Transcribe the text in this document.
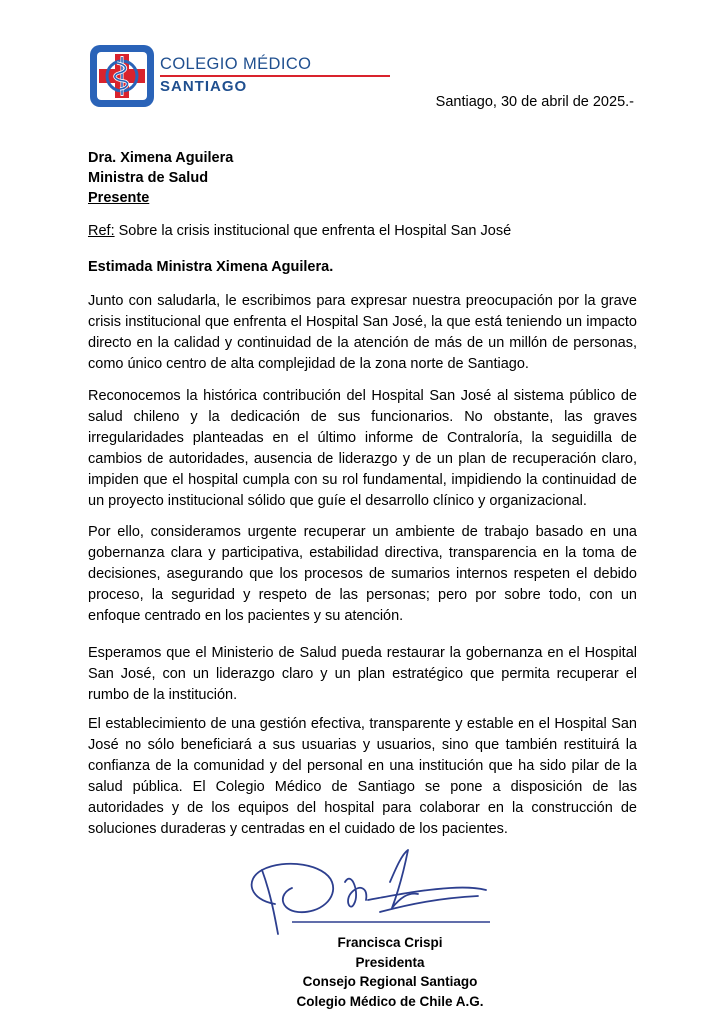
COLEGIO MÉDICO
SANTIAGO
Santiago, 30 de abril de 2025.-
Dra. Ximena Aguilera
Ministra de Salud
Presente
Ref: Sobre la crisis institucional que enfrenta el Hospital San José
Estimada Ministra Ximena Aguilera.

Junto con saludarla, le escribimos para expresar nuestra preocupación por la grave crisis institucional que enfrenta el Hospital San José, la que está teniendo un impacto directo en la calidad y continuidad de la atención de más de un millón de personas, como único centro de alta complejidad de la zona norte de Santiago.

Reconocemos la histórica contribución del Hospital San José al sistema público de salud chileno y la dedicación de sus funcionarios. No obstante, las graves irregularidades planteadas en el último informe de Contraloría, la seguidilla de cambios de autoridades, ausencia de liderazgo y de un plan de recuperación claro, impiden que el hospital cumpla con su rol fundamental, impidiendo la continuidad de un proyecto institucional sólido que guíe el desarrollo clínico y organizacional.

Por ello, consideramos urgente recuperar un ambiente de trabajo basado en una gobernanza clara y participativa, estabilidad directiva, transparencia en la toma de decisiones, asegurando que los procesos de sumarios internos respeten el debido proceso, la seguridad y respeto de las personas; pero por sobre todo, con un enfoque centrado en los pacientes y su atención.

Esperamos que el Ministerio de Salud pueda restaurar la gobernanza en el Hospital San José, con un liderazgo claro y un plan estratégico que permita recuperar el rumbo de la institución.

El establecimiento de una gestión efectiva, transparente y estable en el Hospital San José no sólo beneficiará a sus usuarias y usuarios, sino que también restituirá la confianza de la comunidad y del personal en una institución que ha sido pilar de la salud pública. El Colegio Médico de Santiago se pone a disposición de las autoridades y de los equipos del hospital para colaborar en la construcción de soluciones duraderas y centradas en el cuidado de los pacientes.

Francisca Crispi
Presidenta
Consejo Regional Santiago
Colegio Médico de Chile A.G.
